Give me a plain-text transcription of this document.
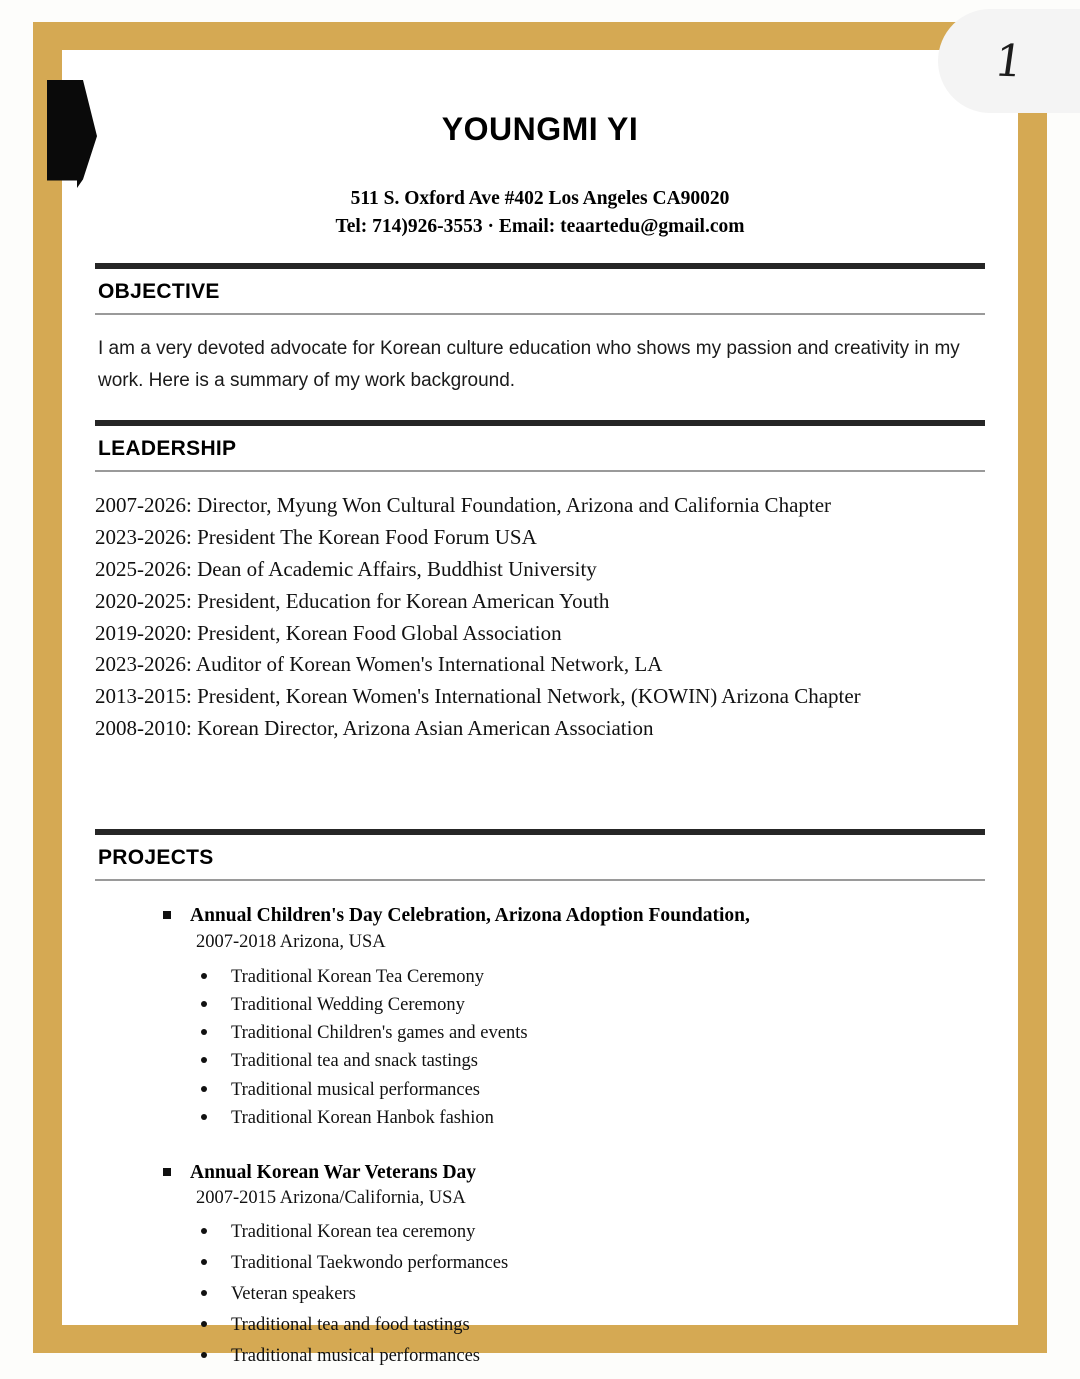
1
YOUNGMI YI
511 S. Oxford Ave #402 Los Angeles CA90020
Tel: 714)926-3553 · Email: teaartedu@gmail.com
OBJECTIVE

I am a very devoted advocate for Korean culture education who shows my passion and creativity in my work. Here is a summary of my work background.

LEADERSHIP
2007-2026: Director, Myung Won Cultural Foundation, Arizona and California Chapter
2023-2026: President The Korean Food Forum USA
2025-2026: Dean of Academic Affairs, Buddhist University
2020-2025: President, Education for Korean American Youth
2019-2020: President, Korean Food Global Association
2023-2026: Auditor of Korean Women's International Network, LA
2013-2015: President, Korean Women's International Network, (KOWIN) Arizona Chapter
2008-2010: Korean Director, Arizona Asian American Association
PROJECTS
Annual Children's Day Celebration, Arizona Adoption Foundation,
2007-2018 Arizona, USA
Traditional Korean Tea Ceremony
Traditional Wedding Ceremony
Traditional Children's games and events
Traditional tea and snack tastings
Traditional musical performances
Traditional Korean Hanbok fashion
Annual Korean War Veterans Day
2007-2015 Arizona/California, USA
Traditional Korean tea ceremony
Traditional Taekwondo performances
Veteran speakers
Traditional tea and food tastings
Traditional musical performances
